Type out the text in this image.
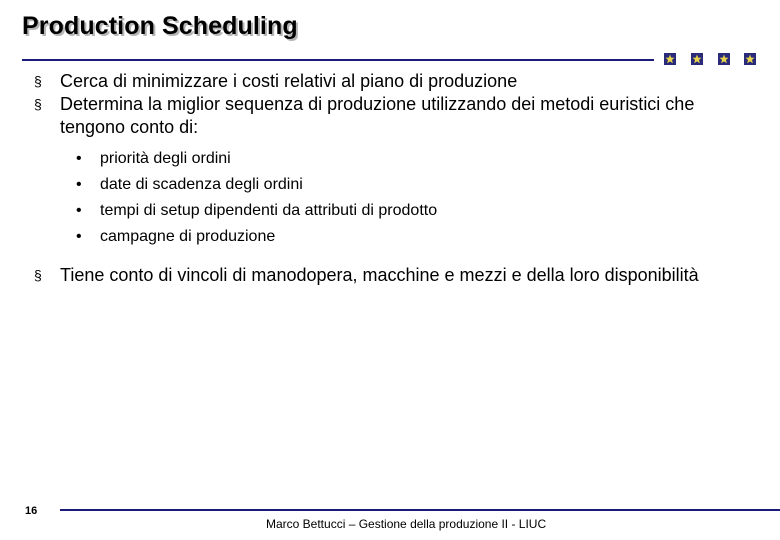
Production Scheduling

§ Cerca di minimizzare i costi relativi al piano di produzione

§ Determina la miglior sequenza di produzione utilizzando dei metodi euristici che tengono conto di:

• priorità degli ordini
• date di scadenza degli ordini
• tempi di setup dipendenti da attributi di prodotto
• campagne di produzione

§ Tiene conto di vincoli di manodopera, macchine e mezzi e della loro disponibilità

16
Marco Bettucci – Gestione della produzione II - LIUC
